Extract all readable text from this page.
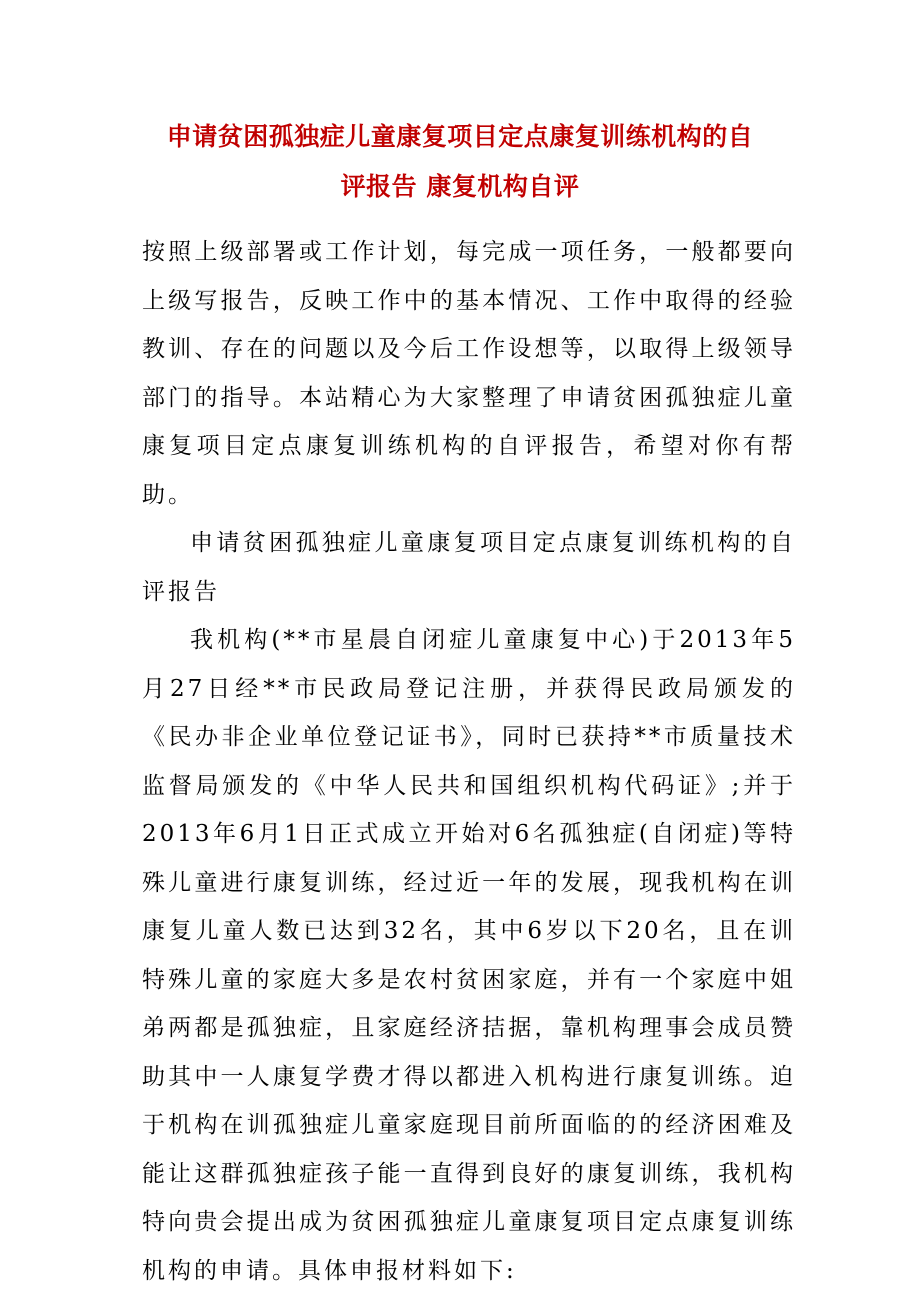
申请贫困孤独症儿童康复项目定点康复训练机构的自
评报告 康复机构自评

按照上级部署或工作计划，每完成一项任务，一般都要向上级写报告，反映工作中的基本情况、工作中取得的经验教训、存在的问题以及今后工作设想等，以取得上级领导部门的指导。本站精心为大家整理了申请贫困孤独症儿童康复项目定点康复训练机构的自评报告，希望对你有帮助。

申请贫困孤独症儿童康复项目定点康复训练机构的自评报告

我机构(**市星晨自闭症儿童康复中心)于2013年5月27日经**市民政局登记注册，并获得民政局颁发的《民办非企业单位登记证书》，同时已获持**市质量技术监督局颁发的《中华人民共和国组织机构代码证》;并于2013年6月1日正式成立开始对6名孤独症(自闭症)等特殊儿童进行康复训练，经过近一年的发展，现我机构在训康复儿童人数已达到32名，其中6岁以下20名，且在训特殊儿童的家庭大多是农村贫困家庭，并有一个家庭中姐弟两都是孤独症，且家庭经济拮据，靠机构理事会成员赞助其中一人康复学费才得以都进入机构进行康复训练。迫于机构在训孤独症儿童家庭现目前所面临的的经济困难及能让这群孤独症孩子能一直得到良好的康复训练，我机构特向贵会提出成为贫困孤独症儿童康复项目定点康复训练机构的申请。具体申报材料如下:
